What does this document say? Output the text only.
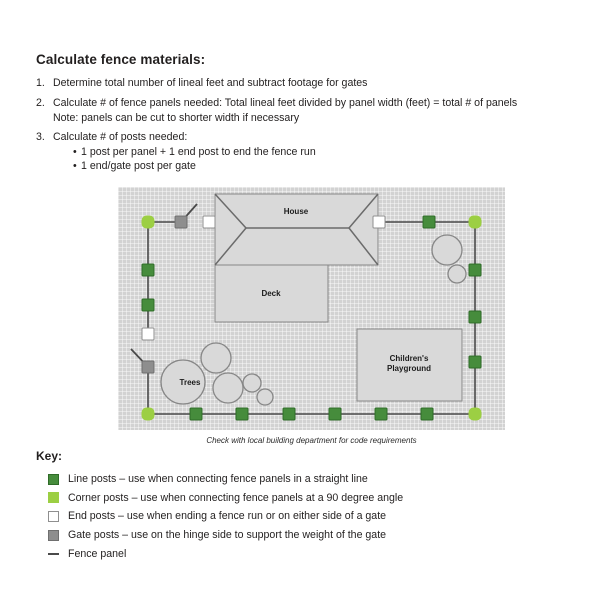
Calculate fence materials:
1. Determine total number of lineal feet and subtract footage for gates
2. Calculate # of fence panels needed: Total lineal feet divided by panel width (feet) = total # of panels
Note: panels can be cut to shorter width if necessary
3. Calculate # of posts needed:
• 1 post per panel + 1 end post to end the fence run
• 1 end/gate post per gate
House
Deck
Trees
Children's Playground
Check with local building department for code requirements
Key:
Line posts – use when connecting fence panels in a straight line
Corner posts – use when connecting fence panels at a 90 degree angle
End posts – use when ending a fence run or on either side of a gate
Gate posts – use on the hinge side to support the weight of the gate
Fence panel
